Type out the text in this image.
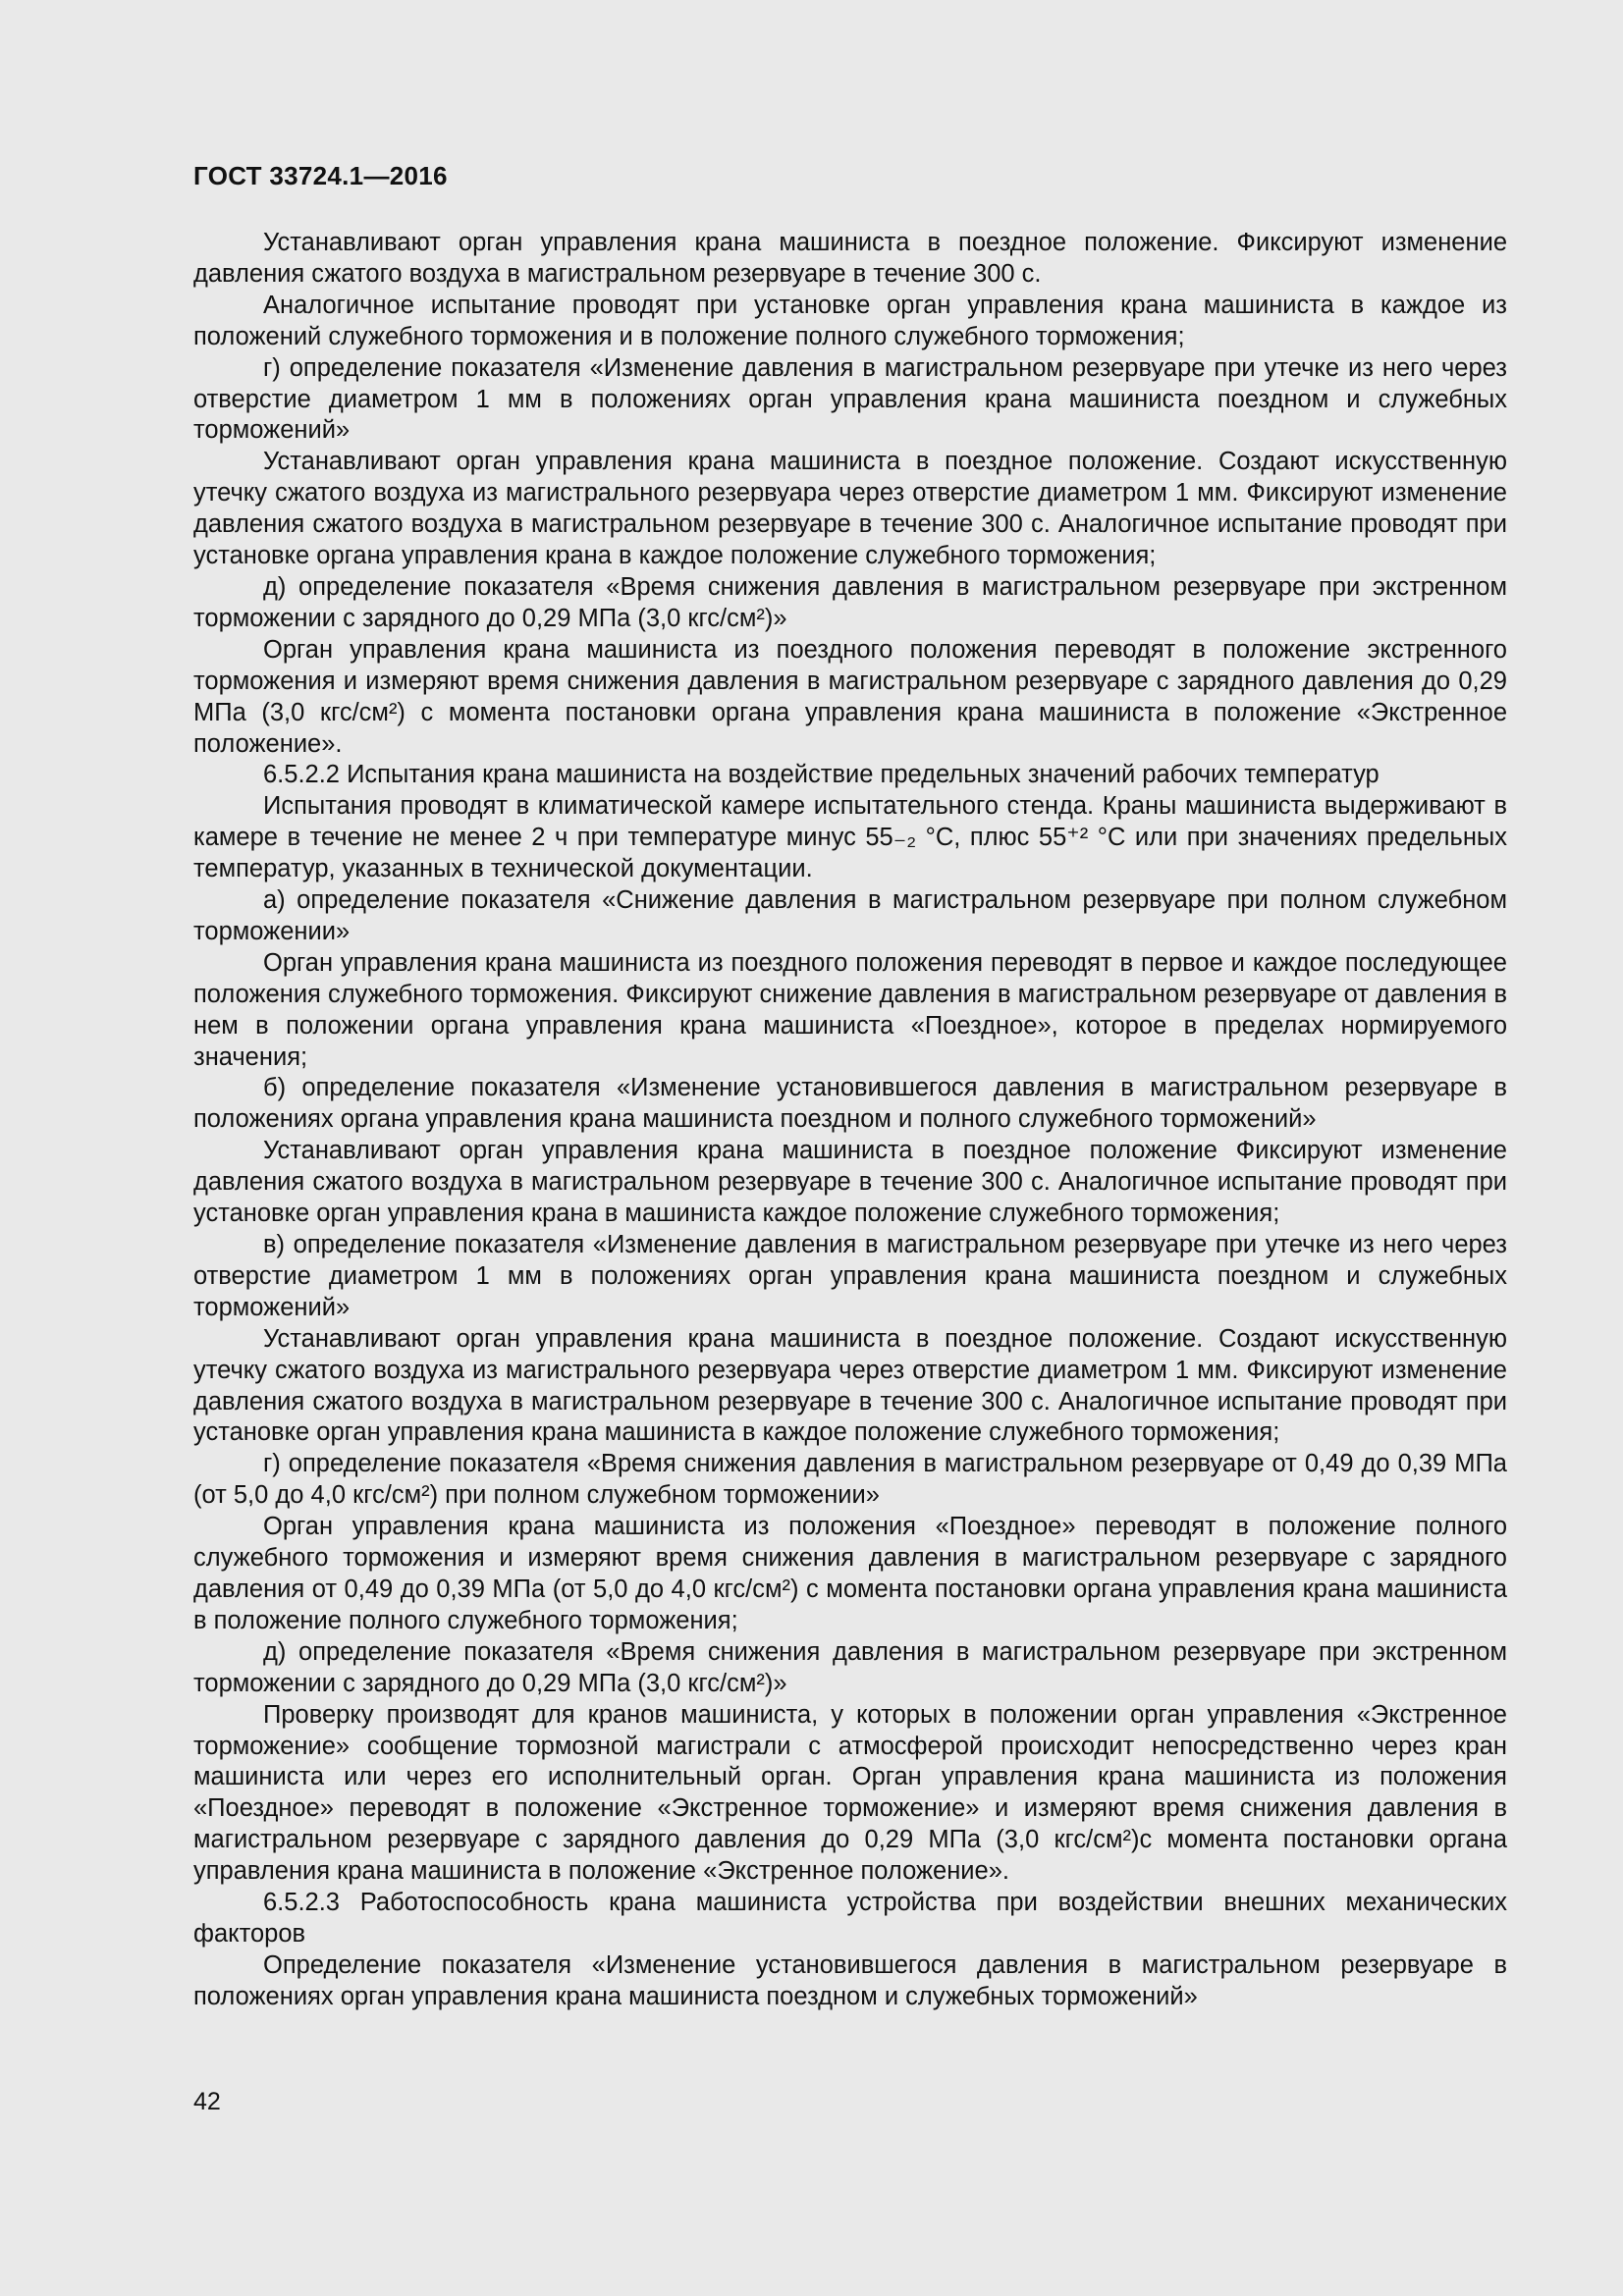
ГОСТ 33724.1—2016

Устанавливают орган управления крана машиниста в поездное положение. Фиксируют изменение давления сжатого воздуха в магистральном резервуаре в течение 300 с.

Аналогичное испытание проводят при установке орган управления крана машиниста в каждое из положений служебного торможения и в положение полного служебного торможения;

г) определение показателя «Изменение давления в магистральном резервуаре при утечке из него через отверстие диаметром 1 мм в положениях орган управления крана машиниста поездном и служебных торможений»

Устанавливают орган управления крана машиниста в поездное положение. Создают искусственную утечку сжатого воздуха из магистрального резервуара через отверстие диаметром 1 мм. Фиксируют изменение давления сжатого воздуха в магистральном резервуаре в течение 300 с. Аналогичное испытание проводят при установке органа управления крана в каждое положение служебного торможения;

д) определение показателя «Время снижения давления в магистральном резервуаре при экстренном торможении с зарядного до 0,29 МПа (3,0 кгс/см²)»

Орган управления крана машиниста из поездного положения переводят в положение экстренного торможения и измеряют время снижения давления в магистральном резервуаре с зарядного давления до 0,29 МПа (3,0 кгс/см²) с момента постановки органа управления крана машиниста в положение «Экстренное положение».

6.5.2.2 Испытания крана машиниста на воздействие предельных значений рабочих температур

Испытания проводят в климатической камере испытательного стенда. Краны машиниста выдерживают в камере в течение не менее 2 ч при температуре минус 55₋₂ °С, плюс 55⁺² °С или при значениях предельных температур, указанных в технической документации.

а) определение показателя «Снижение давления в магистральном резервуаре при полном служебном торможении»

Орган управления крана машиниста из поездного положения переводят в первое и каждое последующее положения служебного торможения. Фиксируют снижение давления в магистральном резервуаре от давления в нем в положении органа управления крана машиниста «Поездное», которое в пределах нормируемого значения;

б) определение показателя «Изменение установившегося давления в магистральном резервуаре в положениях органа управления крана машиниста поездном и полного служебного торможений»

Устанавливают орган управления крана машиниста в поездное положение Фиксируют изменение давления сжатого воздуха в магистральном резервуаре в течение 300 с. Аналогичное испытание проводят при установке орган управления крана в машиниста каждое положение служебного торможения;

в) определение показателя «Изменение давления в магистральном резервуаре при утечке из него через отверстие диаметром 1 мм в положениях орган управления крана машиниста поездном и служебных торможений»

Устанавливают орган управления крана машиниста в поездное положение. Создают искусственную утечку сжатого воздуха из магистрального резервуара через отверстие диаметром 1 мм. Фиксируют изменение давления сжатого воздуха в магистральном резервуаре в течение 300 с. Аналогичное испытание проводят при установке орган управления крана машиниста в каждое положение служебного торможения;

г) определение показателя «Время снижения давления в магистральном резервуаре от 0,49 до 0,39 МПа (от 5,0 до 4,0 кгс/см²) при полном служебном торможении»

Орган управления крана машиниста из положения «Поездное» переводят в положение полного служебного торможения и измеряют время снижения давления в магистральном резервуаре с зарядного давления от 0,49 до 0,39 МПа (от 5,0 до 4,0 кгс/см²) с момента постановки органа управления крана машиниста в положение полного служебного торможения;

д) определение показателя «Время снижения давления в магистральном резервуаре при экстренном торможении с зарядного до 0,29 МПа (3,0 кгс/см²)»

Проверку производят для кранов машиниста, у которых в положении орган управления «Экстренное торможение» сообщение тормозной магистрали с атмосферой происходит непосредственно через кран машиниста или через его исполнительный орган. Орган управления крана машиниста из положения «Поездное» переводят в положение «Экстренное торможение» и измеряют время снижения давления в магистральном резервуаре с зарядного давления до 0,29 МПа (3,0 кгс/см²)с момента постановки органа управления крана машиниста в положение «Экстренное положение».

6.5.2.3 Работоспособность крана машиниста устройства при воздействии внешних механических факторов

Определение показателя «Изменение установившегося давления в магистральном резервуаре в положениях орган управления крана машиниста поездном и служебных торможений»

42
